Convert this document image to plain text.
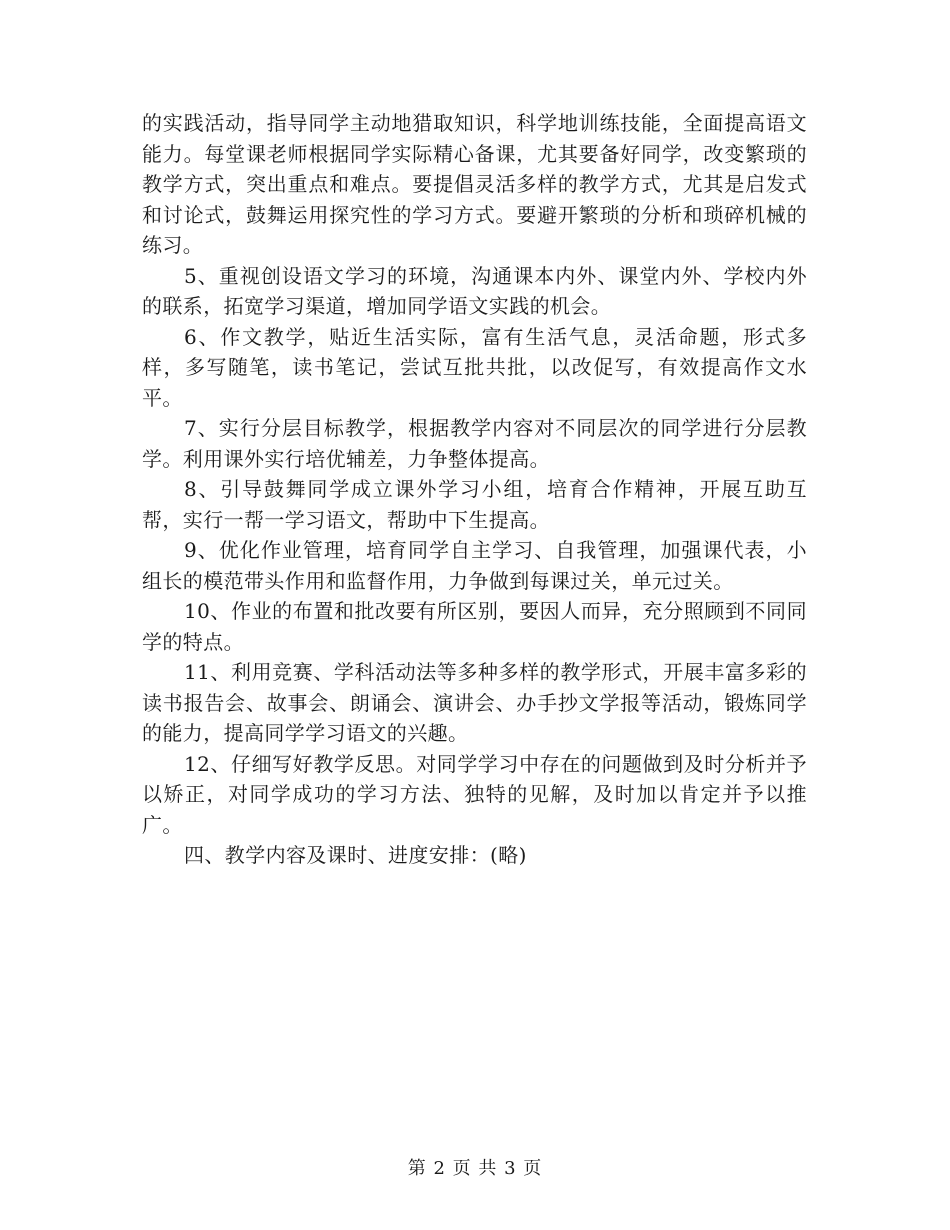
的实践活动，指导同学主动地猎取知识，科学地训练技能，全面提高语文能力。每堂课老师根据同学实际精心备课，尤其要备好同学，改变繁琐的教学方式，突出重点和难点。要提倡灵活多样的教学方式，尤其是启发式和讨论式，鼓舞运用探究性的学习方式。要避开繁琐的分析和琐碎机械的练习。

5、重视创设语文学习的环境，沟通课本内外、课堂内外、学校内外的联系，拓宽学习渠道，增加同学语文实践的机会。

6、作文教学，贴近生活实际，富有生活气息，灵活命题，形式多样，多写随笔，读书笔记，尝试互批共批，以改促写，有效提高作文水平。

7、实行分层目标教学，根据教学内容对不同层次的同学进行分层教学。利用课外实行培优辅差，力争整体提高。

8、引导鼓舞同学成立课外学习小组，培育合作精神，开展互助互帮，实行一帮一学习语文，帮助中下生提高。

9、优化作业管理，培育同学自主学习、自我管理，加强课代表，小组长的模范带头作用和监督作用，力争做到每课过关，单元过关。

10、作业的布置和批改要有所区别，要因人而异，充分照顾到不同同学的特点。

11、利用竞赛、学科活动法等多种多样的教学形式，开展丰富多彩的读书报告会、故事会、朗诵会、演讲会、办手抄文学报等活动，锻炼同学的能力，提高同学学习语文的兴趣。

12、仔细写好教学反思。对同学学习中存在的问题做到及时分析并予以矫正，对同学成功的学习方法、独特的见解，及时加以肯定并予以推广。

四、教学内容及课时、进度安排：(略)

第 2 页 共 3 页
